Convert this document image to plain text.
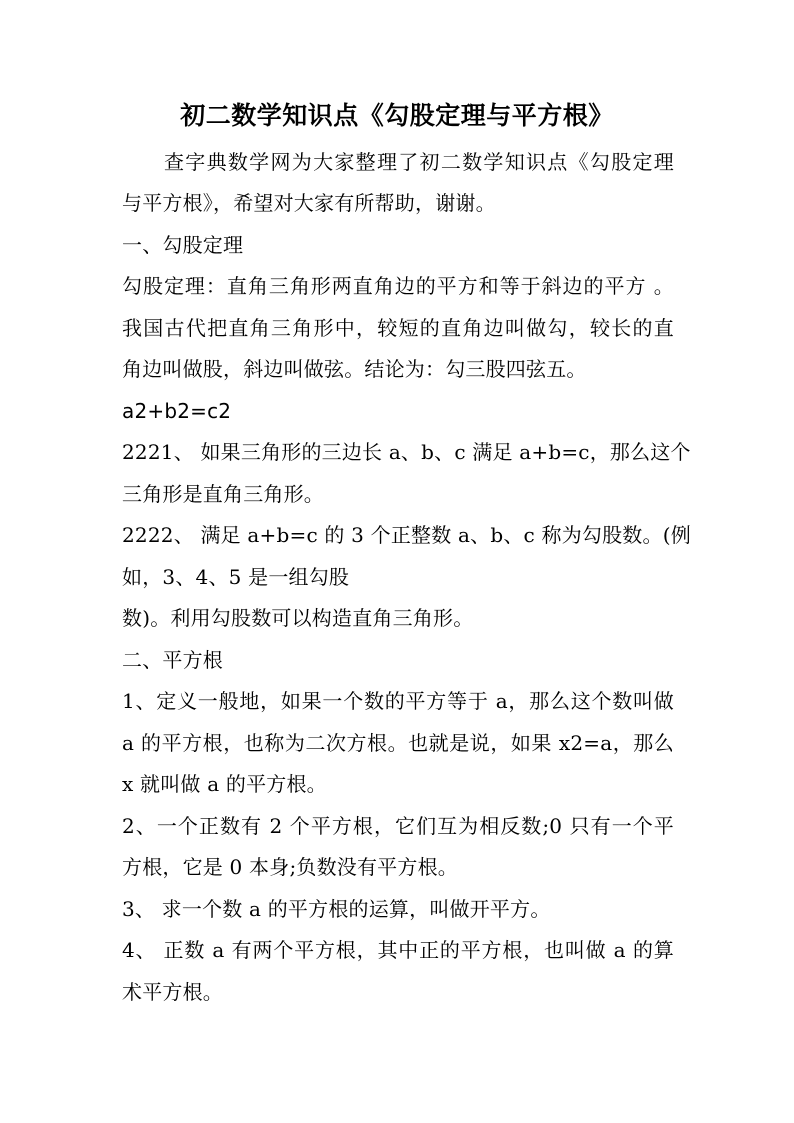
初二数学知识点《勾股定理与平方根》
查字典数学网为大家整理了初二数学知识点《勾股定理
与平方根》，希望对大家有所帮助，谢谢。
一、勾股定理
勾股定理：直角三角形两直角边的平方和等于斜边的平方 。
我国古代把直角三角形中，较短的直角边叫做勾，较长的直
角边叫做股，斜边叫做弦。结论为：勾三股四弦五。
a2+b2=c2
2221、 如果三角形的三边长 a、b、c 满足 a+b=c，那么这个
三角形是直角三角形。
2222、 满足 a+b=c 的 3 个正整数 a、b、c 称为勾股数。(例
如，3、4、5 是一组勾股
数)。利用勾股数可以构造直角三角形。
二、平方根
1、定义一般地，如果一个数的平方等于 a，那么这个数叫做
a 的平方根，也称为二次方根。也就是说，如果 x2=a，那么
x 就叫做 a 的平方根。
2、一个正数有 2 个平方根，它们互为相反数;0 只有一个平
方根，它是 0 本身;负数没有平方根。
3、 求一个数 a 的平方根的运算，叫做开平方。
4、 正数 a 有两个平方根，其中正的平方根，也叫做 a 的算
术平方根。
